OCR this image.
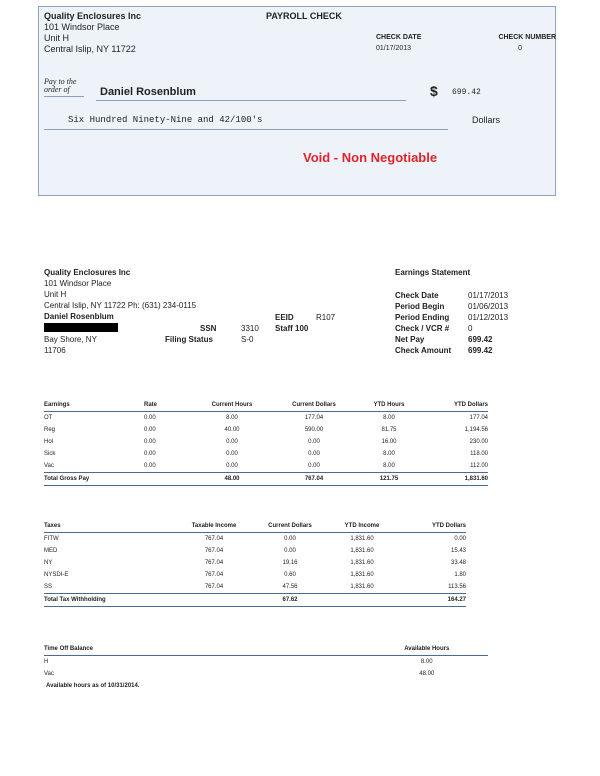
Quality Enclosures Inc
101 Windsor Place
Unit H
Central Islip, NY 11722
PAYROLL CHECK
CHECK DATE
01/17/2013
CHECK NUMBER
0
Pay to the
order of	Daniel Rosenblum	$ 699.42
Six Hundred Ninety-Nine and 42/100's	Dollars
Void - Non Negotiable
Quality Enclosures Inc
101 Windsor Place
Unit H
Central Islip, NY 11722 Ph: (631) 234-0115
Daniel Rosenblum
Bay Shore, NY
11706
SSN	3310
Filing Status	S-0
EEID	R107
Staff 100
Earnings Statement
Check Date	01/17/2013
Period Begin	01/06/2013
Period Ending 01/12/2013
Check / VCR # 0
Net Pay	699.42
Check Amount 699.42
Earnings	Rate	Current Hours	Current Dollars	YTD Hours	YTD Dollars
OT	0.00	8.00	177.04	8.00	177.04
Reg	0.00	40.00	590.00	81.75	1,194.56
Hol	0.00	0.00	0.00	16.00	230.00
Sick	0.00	0.00	0.00	8.00	118.00
Vac	0.00	0.00	0.00	8.00	112.00
Total Gross Pay		48.00	767.04	121.75	1,831.60
Taxes	Taxable Income	Current Dollars	YTD Income	YTD Dollars
FITW	767.04	0.00	1,831.60	0.00
MED	767.04	0.00	1,831.60	15.43
NY	767.04	19.16	1,831.60	33.48
NYSDI-E	767.04	0.60	1,831.60	1.80
SS	767.04	47.56	1,831.60	113.56
Total Tax Withholding		67.62		164.27
Time Off Balance	Available Hours
H	8.00
Vac	48.00
Available hours as of 10/31/2014.
